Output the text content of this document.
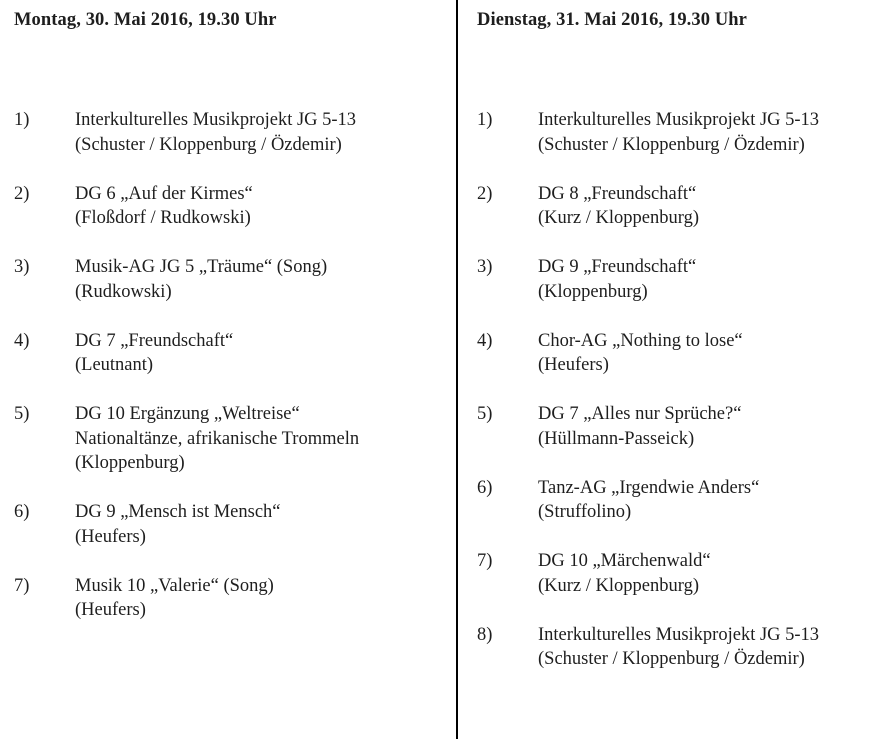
Montag, 30. Mai 2016, 19.30 Uhr
1)	Interkulturelles Musikprojekt JG 5-13
(Schuster / Kloppenburg / Özdemir)
2)	DG 6 „Auf der Kirmes“
(Floßdorf / Rudkowski)
3)	Musik-AG JG 5 „Träume“ (Song)
(Rudkowski)
4)	DG 7 „Freundschaft“
(Leutnant)
5)	DG 10 Ergänzung „Weltreise“
Nationaltänze, afrikanische Trommeln
(Kloppenburg)
6)	DG 9 „Mensch ist Mensch“
(Heufers)
7)	Musik 10 „Valerie“ (Song)
(Heufers)
Dienstag, 31. Mai 2016, 19.30 Uhr
1)	Interkulturelles Musikprojekt JG 5-13
(Schuster / Kloppenburg / Özdemir)
2)	DG 8 „Freundschaft“
(Kurz / Kloppenburg)
3)	DG 9 „Freundschaft“
(Kloppenburg)
4)	Chor-AG „Nothing to lose“
(Heufers)
5)	DG 7 „Alles nur Sprüche?“
(Hüllmann-Passeick)
6)	Tanz-AG „Irgendwie Anders“
(Struffolino)
7)	DG 10 „Märchenwald“
(Kurz / Kloppenburg)
8)	Interkulturelles Musikprojekt JG 5-13
(Schuster / Kloppenburg / Özdemir)
